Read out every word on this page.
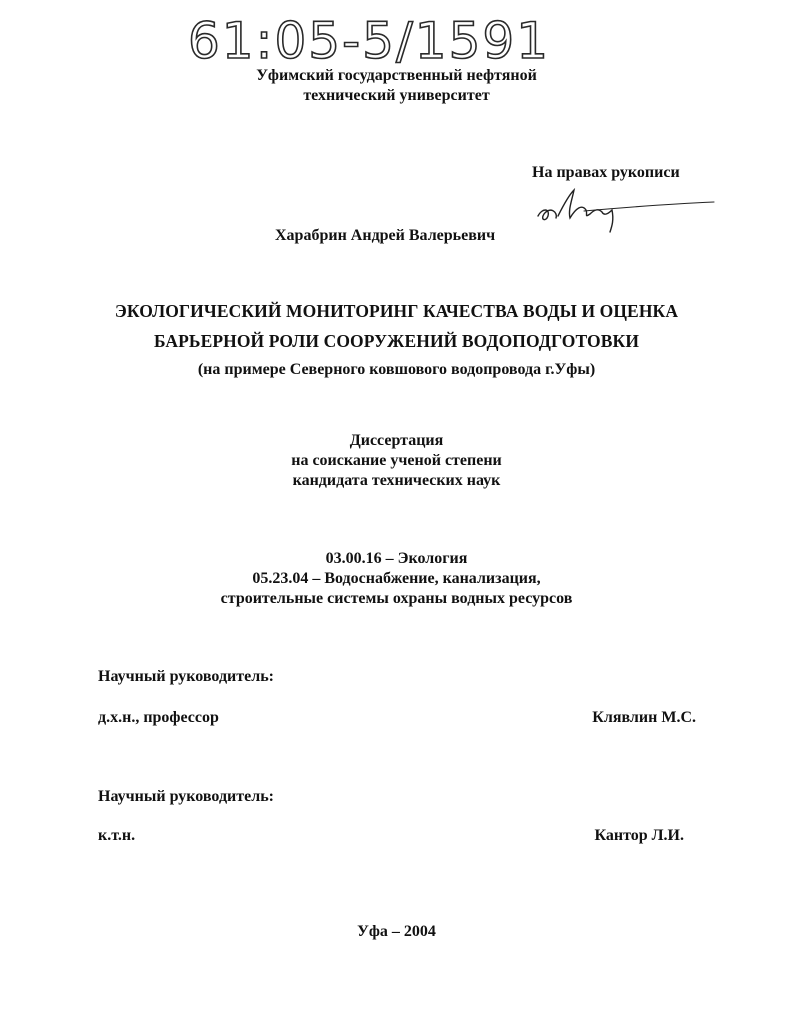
61:05-5/1591
Уфимский государственный нефтяной
технический университет
На правах рукописи
Харабрин Андрей Валерьевич
ЭКОЛОГИЧЕСКИЙ МОНИТОРИНГ КАЧЕСТВА ВОДЫ И ОЦЕНКА
БАРЬЕРНОЙ РОЛИ СООРУЖЕНИЙ ВОДОПОДГОТОВКИ
(на примере Северного ковшового водопровода г.Уфы)
Диссертация
на соискание ученой степени
кандидата технических наук
03.00.16 – Экология
05.23.04 – Водоснабжение, канализация,
строительные системы охраны водных ресурсов
Научный руководитель:
д.х.н., профессор	Клявлин М.С.
Научный руководитель:
к.т.н.	Кантор Л.И.
Уфа – 2004
